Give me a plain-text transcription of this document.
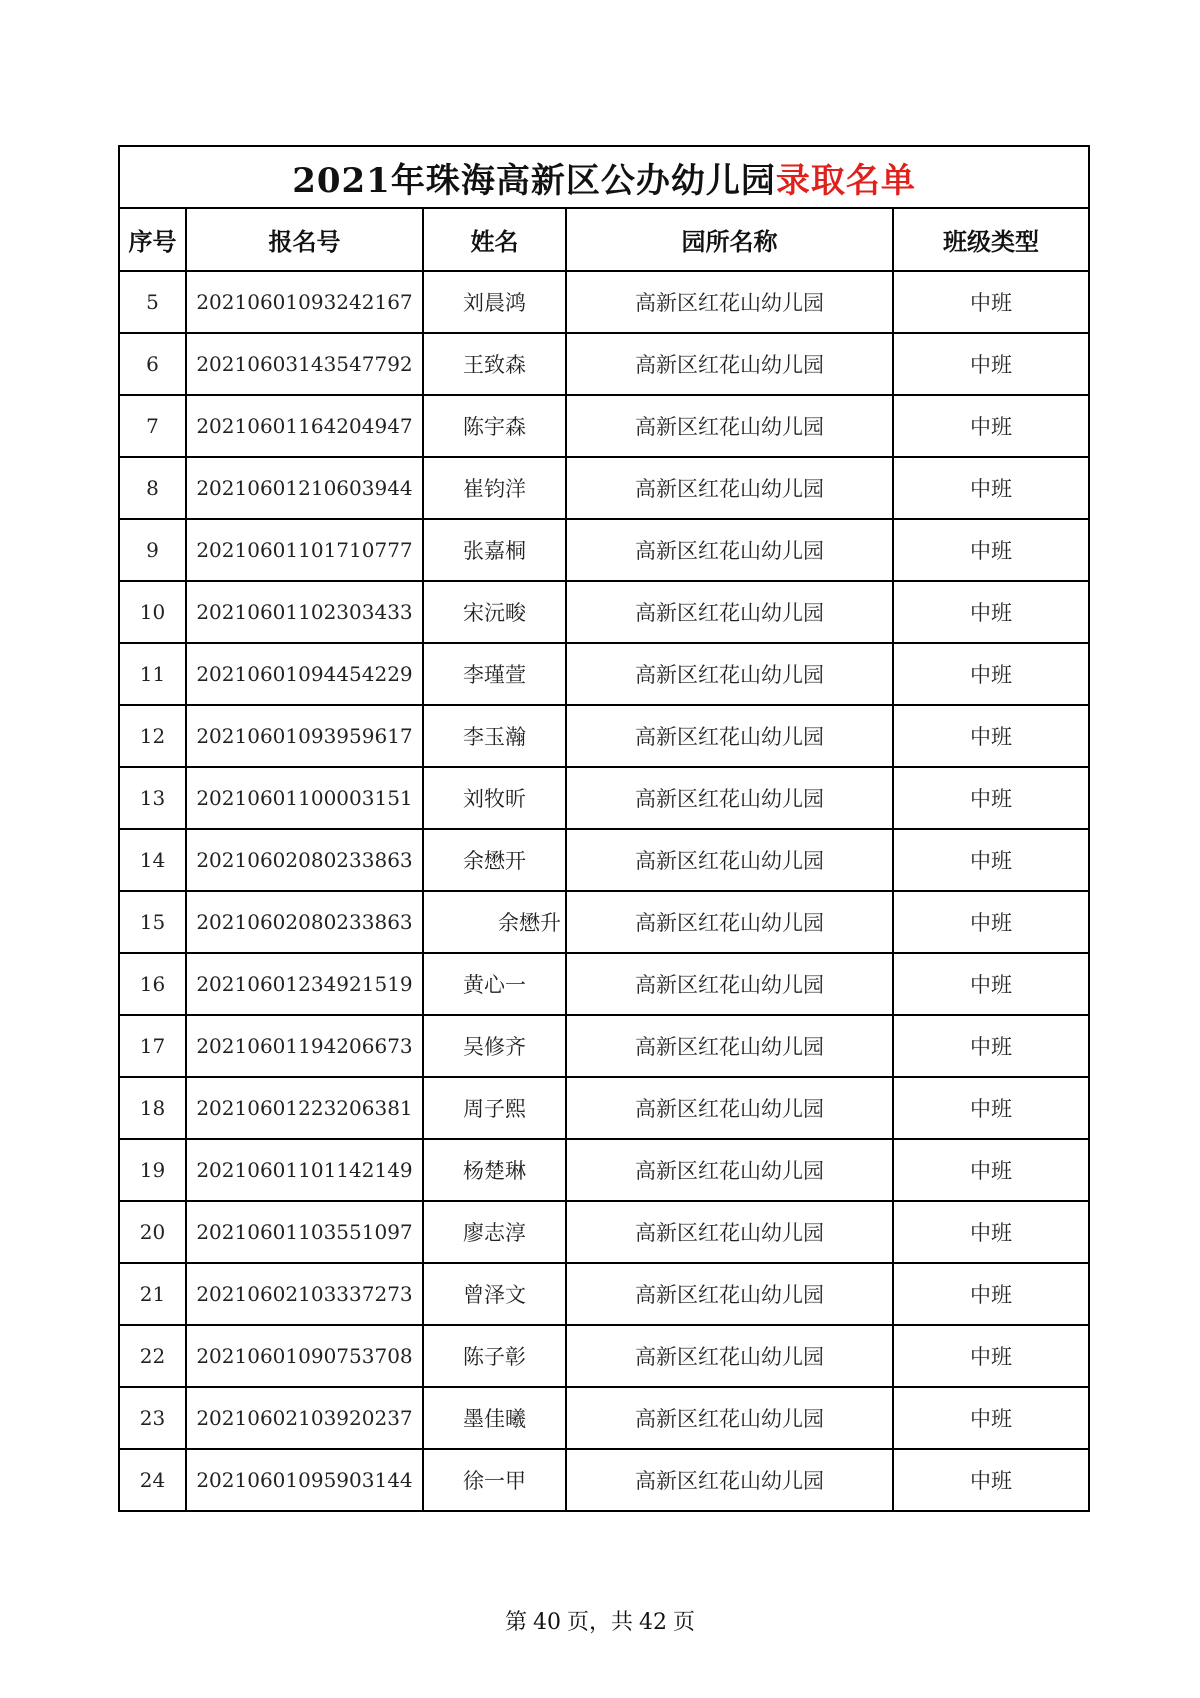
2021年珠海高新区公办幼儿园录取名单				
序号	报名号	姓名	园所名称	班级类型
5	20210601093242167	刘晨鸿	高新区红花山幼儿园	中班
6	20210603143547792	王致森	高新区红花山幼儿园	中班
7	20210601164204947	陈宇森	高新区红花山幼儿园	中班
8	20210601210603944	崔钧洋	高新区红花山幼儿园	中班
9	20210601101710777	张嘉桐	高新区红花山幼儿园	中班
10	20210601102303433	宋沅畯	高新区红花山幼儿园	中班
11	20210601094454229	李瑾萱	高新区红花山幼儿园	中班
12	20210601093959617	李玉瀚	高新区红花山幼儿园	中班
13	20210601100003151	刘牧昕	高新区红花山幼儿园	中班
14	20210602080233863	余懋开	高新区红花山幼儿园	中班
15	20210602080233863	余懋升	高新区红花山幼儿园	中班
16	20210601234921519	黄心一	高新区红花山幼儿园	中班
17	20210601194206673	吴修齐	高新区红花山幼儿园	中班
18	20210601223206381	周子熙	高新区红花山幼儿园	中班
19	20210601101142149	杨楚琳	高新区红花山幼儿园	中班
20	20210601103551097	廖志淳	高新区红花山幼儿园	中班
21	20210602103337273	曾泽文	高新区红花山幼儿园	中班
22	20210601090753708	陈子彰	高新区红花山幼儿园	中班
23	20210602103920237	墨佳曦	高新区红花山幼儿园	中班
24	20210601095903144	徐一甲	高新区红花山幼儿园	中班
第 40 页，共 42 页
